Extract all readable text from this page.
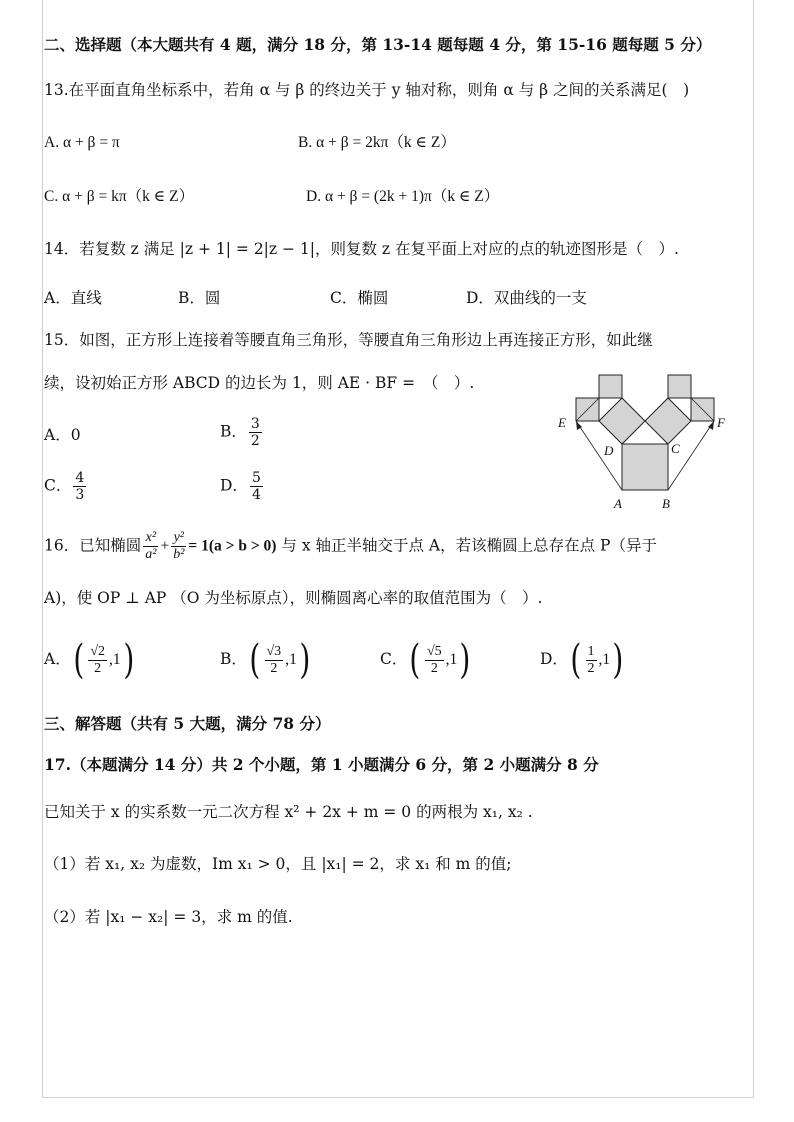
二、选择题（本大题共有 4 题，满分 18 分，第 13-14 题每题 4 分，第 15-16 题每题 5 分）
13.在平面直角坐标系中，若角 α 与 β 的终边关于 y 轴对称，则角 α 与 β 之间的关系满足(　)
A. α + β = π	B. α + β = 2kπ（k ∈ Z）
C. α + β = kπ（k ∈ Z）	D. α + β = (2k + 1)π（k ∈ Z）
14．若复数 z 满足 |z + 1| = 2|z − 1|，则复数 z 在复平面上对应的点的轨迹图形是（　）.
A．直线	B．圆	C．椭圆	D．双曲线的一支
15．如图，正方形上连接着等腰直角三角形，等腰直角三角形边上再连接正方形，如此继
续，设初始正方形 ABCD 的边长为 1，则 AE · BF =　（　）.
A．0	B． $\frac{3}{2}$
C． $\frac{4}{3}$	D． $\frac{5}{4}$
E	F
D	C
A	B
16．已知椭圆 $\frac{\text{x²}}{\text{a²}} + \frac{\text{y²}}{\text{b²}} = 1(a > b > 0)$ 与 x 轴正半轴交于点 A，若该椭圆上总存在点 P（异于
A)，使 OP ⊥ AP （O 为坐标原点），则椭圆离心率的取值范围为（　）.
A．( $\frac{√2}{2} ,1$)	B．( $\frac{√3}{2} ,1$)	C．( $\frac{√5}{2} ,1$)	D．( $\frac{1}{2} ,1$)
三、解答题（共有 5 大题，满分 78 分）
17.（本题满分 14 分）共 2 个小题，第 1 小题满分 6 分，第 2 小题满分 8 分
已知关于 x 的实系数一元二次方程 x² + 2x + m = 0 的两根为 x₁, x₂ .
（1）若 x₁, x₂ 为虚数，Im x₁ > 0，且 |x₁| = 2，求 x₁ 和 m 的值;
（2）若 |x₁ − x₂| = 3，求 m 的值.
